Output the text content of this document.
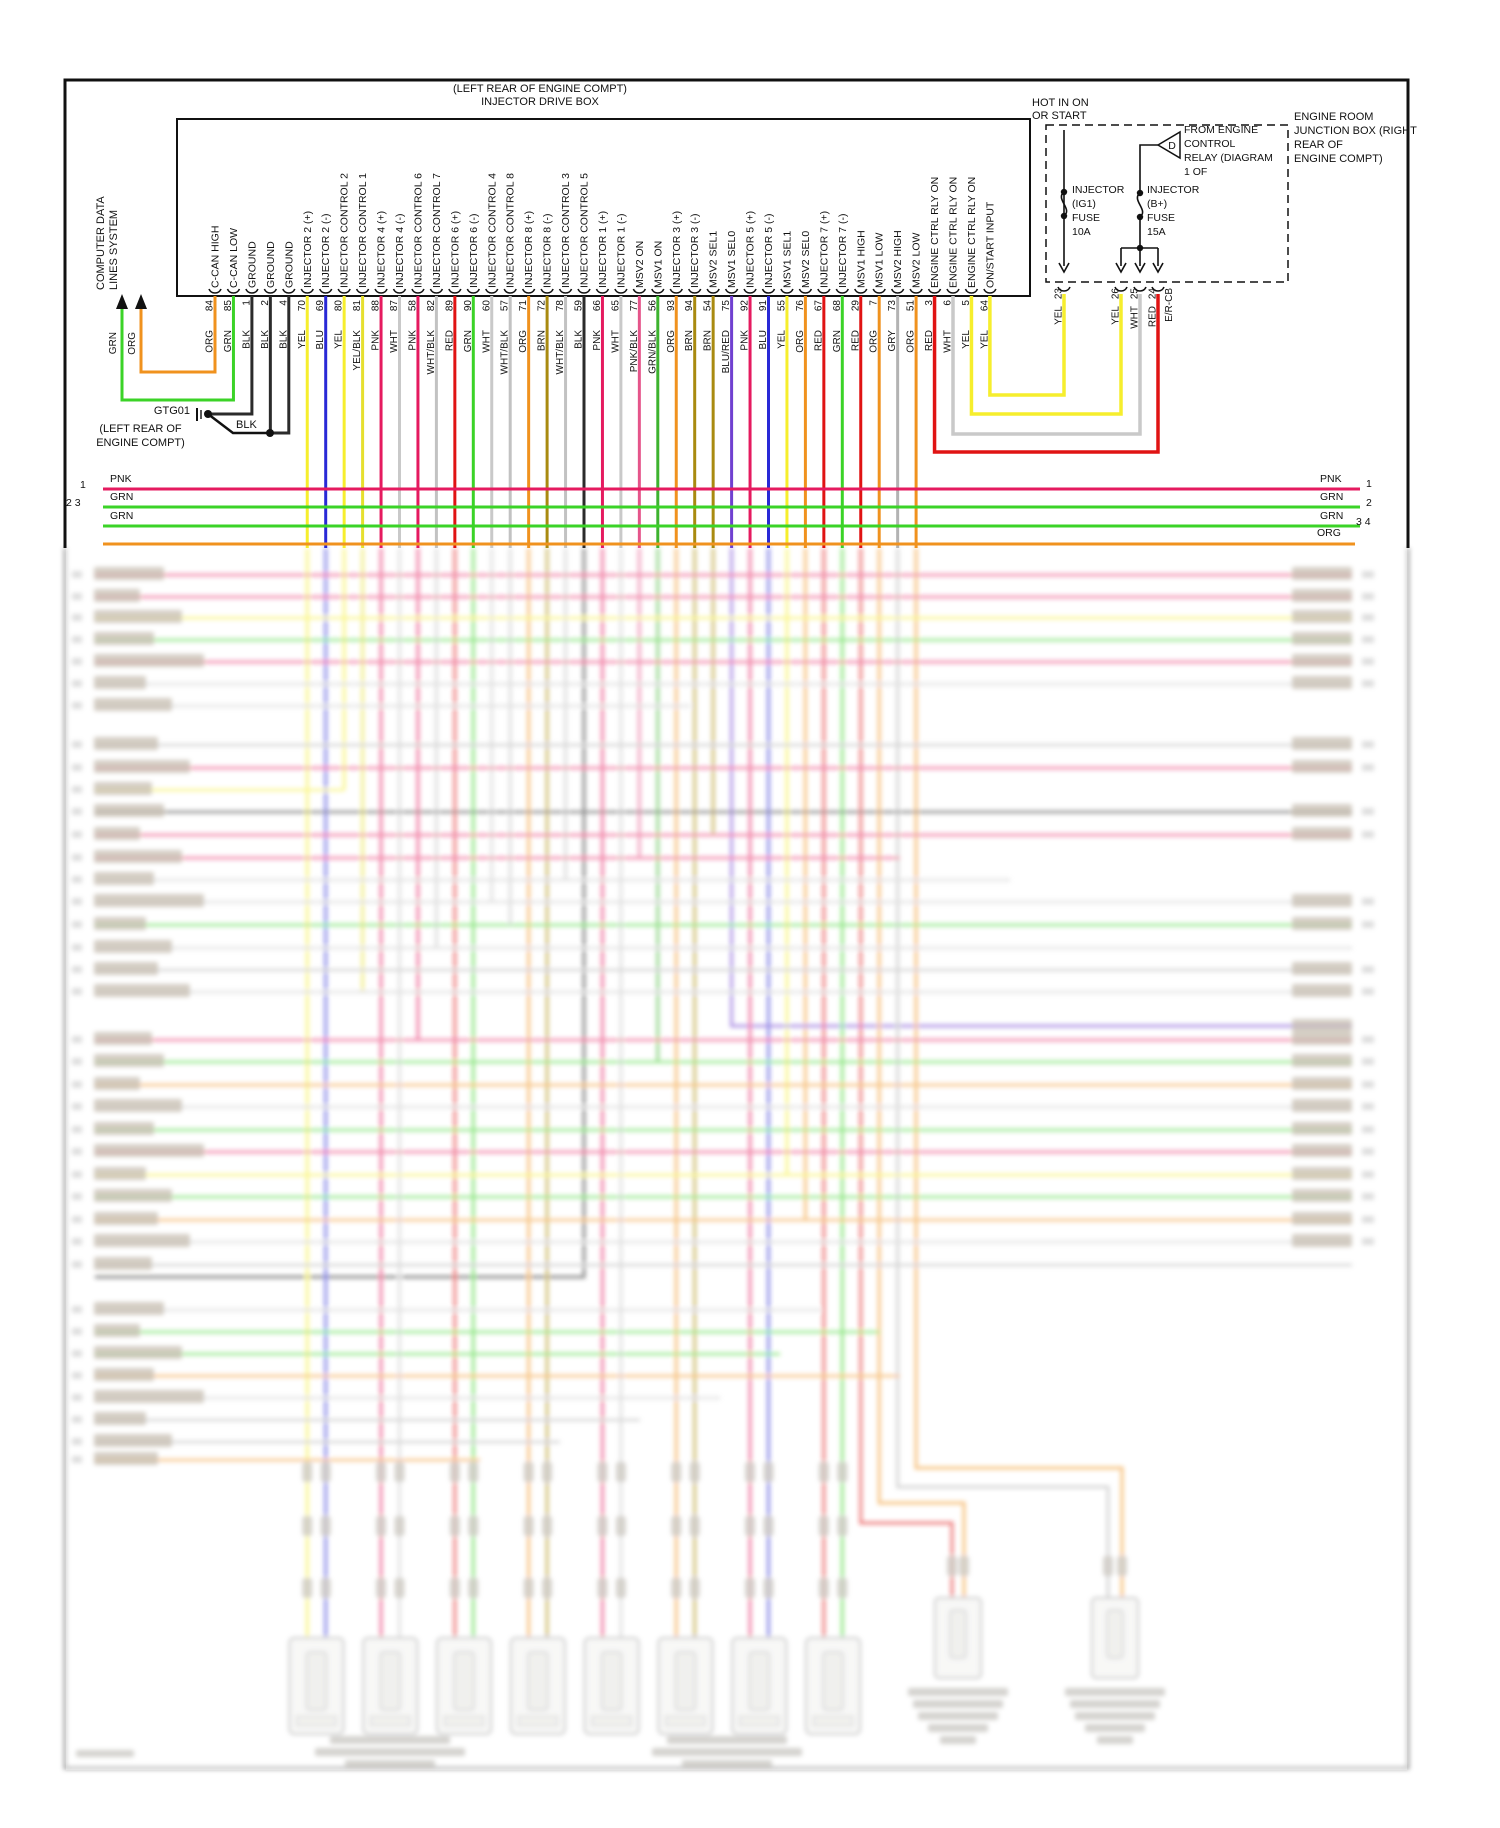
C-CAN HIGH
84
ORG
C-CAN LOW
85
GRN
GROUND
1
BLK
GROUND
2
BLK
GROUND
4
BLK
INJECTOR 2 (+)
70
YEL
INJECTOR 2 (-)
69
BLU
INJECTOR CONTROL 2
80
YEL
INJECTOR CONTROL 1
81
YEL/BLK
INJECTOR 4 (+)
88
PNK
INJECTOR 4 (-)
87
WHT
INJECTOR CONTROL 6
58
PNK
INJECTOR CONTROL 7
82
WHT/BLK
INJECTOR 6 (+)
89
RED
INJECTOR 6 (-)
90
GRN
INJECTOR CONTROL 4
60
WHT
INJECTOR CONTROL 8
57
WHT/BLK
INJECTOR 8 (+)
71
ORG
INJECTOR 8 (-)
72
BRN
INJECTOR CONTROL 3
78
WHT/BLK
INJECTOR CONTROL 5
59
BLK
INJECTOR 1 (+)
66
PNK
INJECTOR 1 (-)
65
WHT
MSV2 ON
77
PNK/BLK
MSV1 ON
56
GRN/BLK
INJECTOR 3 (+)
93
ORG
INJECTOR 3 (-)
94
BRN
MSV2 SEL1
54
BRN
MSV1 SEL0
75
BLU/RED
INJECTOR 5 (+)
92
PNK
INJECTOR 5 (-)
91
BLU
MSV1 SEL1
55
YEL
MSV2 SEL0
76
ORG
INJECTOR 7 (+)
67
RED
INJECTOR 7 (-)
68
GRN
MSV1 HIGH
29
RED
MSV1 LOW
7
ORG
MSV2 HIGH
73
GRY
MSV2 LOW
51
ORG
ENGINE CTRL RLY ON
3
RED
ENGINE CTRL RLY ON
6
WHT
ENGINE CTRL RLY ON
5
YEL
ON/START INPUT
64
YEL
COMPUTER DATA LINES SYSTEM
GRN ORG
23
YEL
26
YEL
25
WHT
24
RED E/R-CB
D
(LEFT REAR OF ENGINE COMPT)
INJECTOR DRIVE BOX	HOT IN ON
OR START
INJECTOR
(IG1)
FUSE
10A
INJECTOR
(B+)
FUSE
15A
FROM ENGINE
CONTROL
RELAY (DIAGRAM
1 OF
ENGINE ROOM
JUNCTION BOX (RIGHT
REAR OF
ENGINE COMPT)
GTG01
(LEFT REAR OF
ENGINE COMPT)
BLK
PNK
GRN
GRN
1
2 3
PNK
GRN
GRN
ORG
1
2
3 4
